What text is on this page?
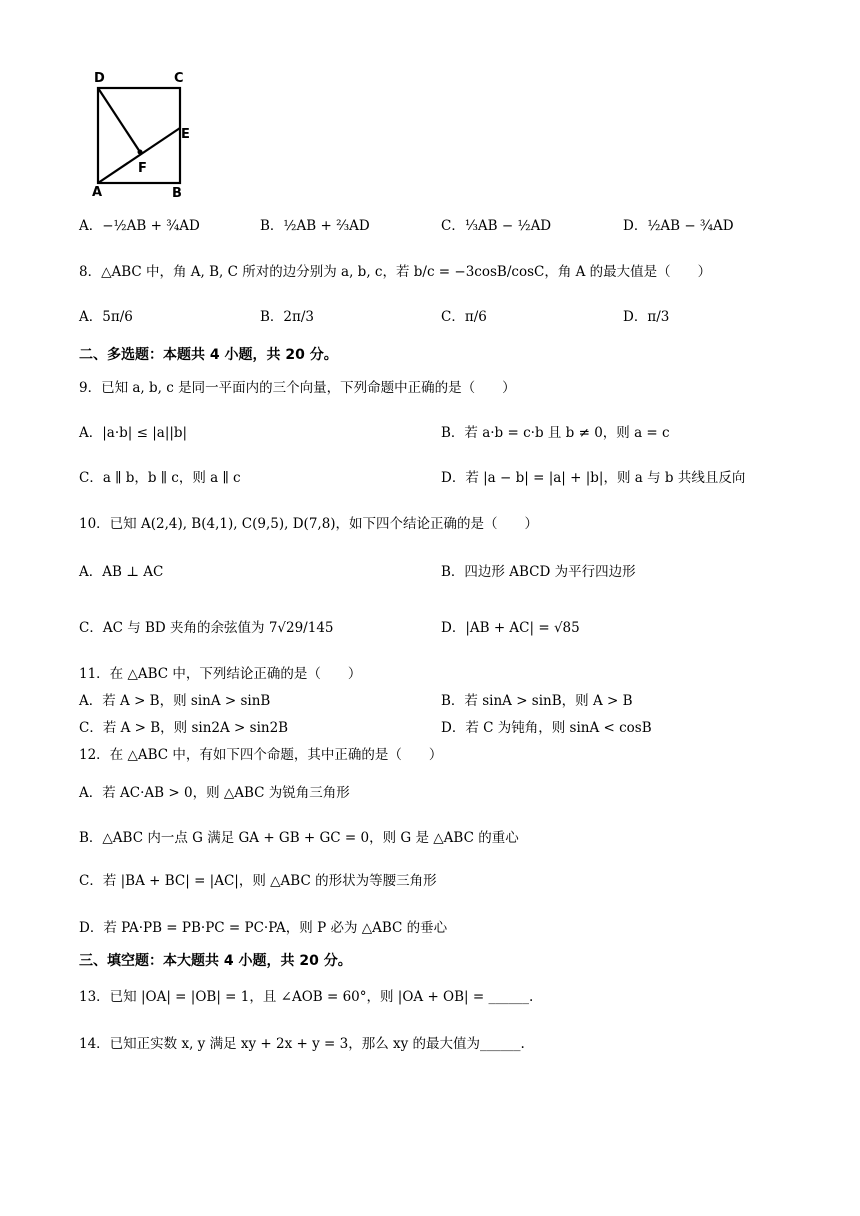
D	C
E
F
A	B
A．−½AB + ¾AD	B．½AB + ⅔AD	C．⅓AB − ½AD	D．½AB − ¾AD
8．△ABC 中，角 A, B, C 所对的边分别为 a, b, c，若 b/c = −3cosB/cosC，角 A 的最大值是（　　）
A．5π/6	B．2π/3	C．π/6	D．π/3
二、多选题：本题共 4 小题，共 20 分。
9．已知 a, b, c 是同一平面内的三个向量，下列命题中正确的是（　　）
A．|a·b| ≤ |a||b|	B．若 a·b = c·b 且 b ≠ 0，则 a = c
C．a ∥ b，b ∥ c，则 a ∥ c	D．若 |a − b| = |a| + |b|，则 a 与 b 共线且反向
10．已知 A(2,4), B(4,1), C(9,5), D(7,8)，如下四个结论正确的是（　　）
A．AB ⊥ AC	B．四边形 ABCD 为平行四边形
C．AC 与 BD 夹角的余弦值为 7√29/145	D．|AB + AC| = √85
11．在 △ABC 中，下列结论正确的是（　　）
A．若 A > B，则 sinA > sinB	B．若 sinA > sinB，则 A > B
C．若 A > B，则 sin2A > sin2B	D．若 C 为钝角，则 sinA < cosB
12．在 △ABC 中，有如下四个命题，其中正确的是（　　）
A．若 AC·AB > 0，则 △ABC 为锐角三角形
B．△ABC 内一点 G 满足 GA + GB + GC = 0，则 G 是 △ABC 的重心
C．若 |BA + BC| = |AC|，则 △ABC 的形状为等腰三角形
D．若 PA·PB = PB·PC = PC·PA，则 P 必为 △ABC 的垂心
三、填空题：本大题共 4 小题，共 20 分。
13．已知 |OA| = |OB| = 1，且 ∠AOB = 60°，则 |OA + OB| = ______.
14．已知正实数 x, y 满足 xy + 2x + y = 3，那么 xy 的最大值为______.
